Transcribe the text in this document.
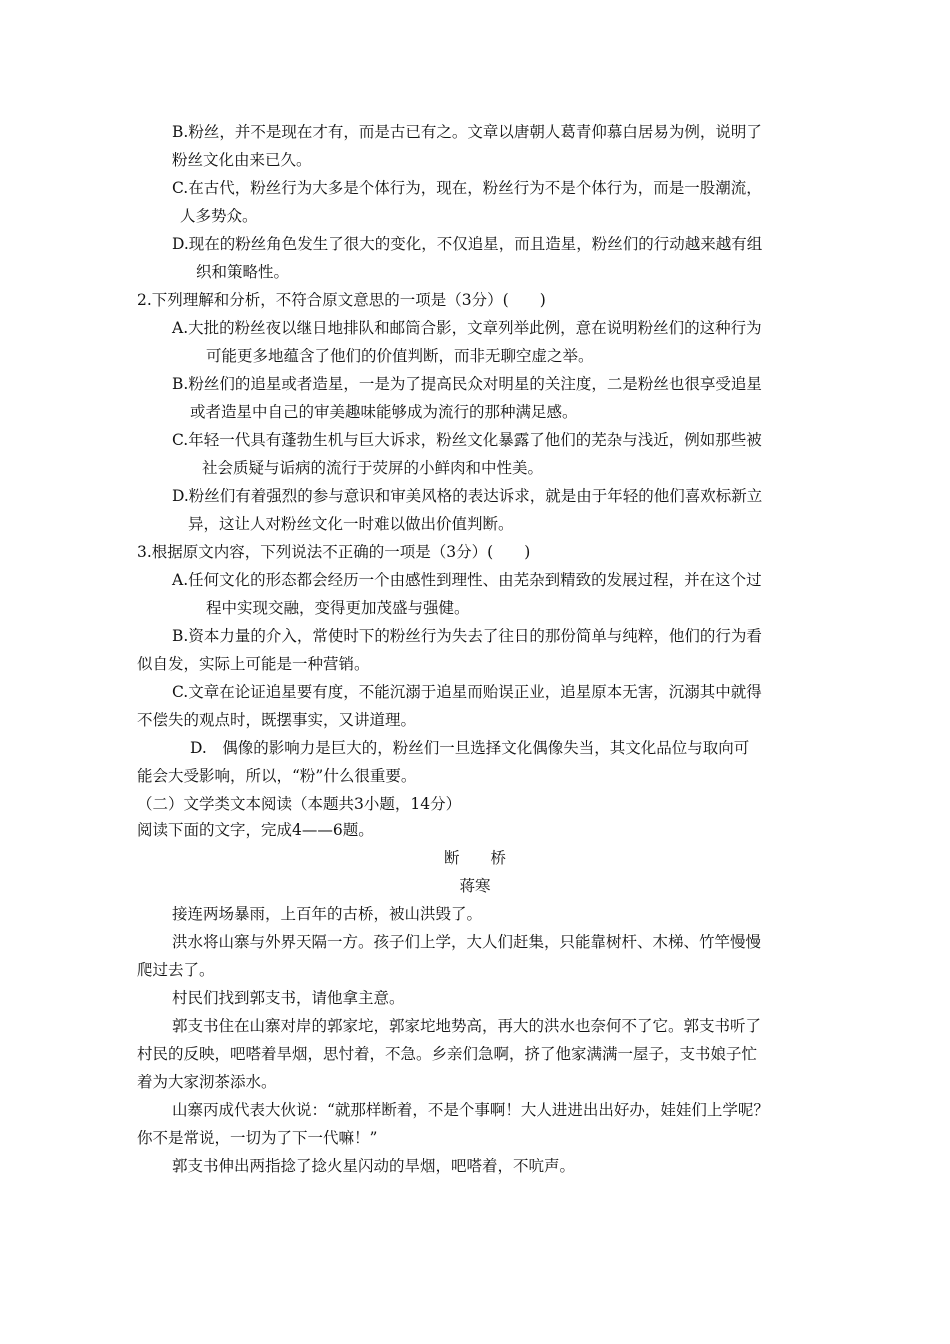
B.粉丝，并不是现在才有，而是古已有之。文章以唐朝人葛青仰慕白居易为例，说明了
粉丝文化由来已久。
C.在古代，粉丝行为大多是个体行为，现在，粉丝行为不是个体行为，而是一股潮流，
人多势众。
D.现在的粉丝角色发生了很大的变化，不仅追星，而且造星，粉丝们的行动越来越有组
织和策略性。
2.下列理解和分析，不符合原文意思的一项是（3分）(　　)
A.大批的粉丝夜以继日地排队和邮筒合影，文章列举此例，意在说明粉丝们的这种行为
可能更多地蕴含了他们的价值判断，而非无聊空虚之举。
B.粉丝们的追星或者造星，一是为了提高民众对明星的关注度，二是粉丝也很享受追星
或者造星中自己的审美趣味能够成为流行的那种满足感。
C.年轻一代具有蓬勃生机与巨大诉求，粉丝文化暴露了他们的芜杂与浅近，例如那些被
社会质疑与诟病的流行于荧屏的小鲜肉和中性美。
D.粉丝们有着强烈的参与意识和审美风格的表达诉求，就是由于年轻的他们喜欢标新立
异，这让人对粉丝文化一时难以做出价值判断。
3.根据原文内容，下列说法不正确的一项是（3分）(　　)
A.任何文化的形态都会经历一个由感性到理性、由芜杂到精致的发展过程，并在这个过
程中实现交融，变得更加茂盛与强健。
B.资本力量的介入，常使时下的粉丝行为失去了往日的那份简单与纯粹，他们的行为看
似自发，实际上可能是一种营销。
C.文章在论证追星要有度，不能沉溺于追星而贻误正业，追星原本无害，沉溺其中就得
不偿失的观点时，既摆事实，又讲道理。
D.　偶像的影响力是巨大的，粉丝们一旦选择文化偶像失当，其文化品位与取向可
能会大受影响，所以，“粉”什么很重要。
（二）文学类文本阅读（本题共3小题，14分）
阅读下面的文字，完成4——6题。
断　　桥
蒋寒
接连两场暴雨，上百年的古桥，被山洪毁了。
洪水将山寨与外界天隔一方。孩子们上学，大人们赶集，只能靠树杆、木梯、竹竿慢慢
爬过去了。
村民们找到郭支书，请他拿主意。
郭支书住在山寨对岸的郭家坨，郭家坨地势高，再大的洪水也奈何不了它。郭支书听了
村民的反映，吧嗒着旱烟，思忖着，不急。乡亲们急啊，挤了他家满满一屋子，支书娘子忙
着为大家沏茶添水。
山寨丙成代表大伙说：“就那样断着，不是个事啊！大人进进出出好办，娃娃们上学呢？
你不是常说，一切为了下一代嘛！”
郭支书伸出两指捻了捻火星闪动的旱烟，吧嗒着，不吭声。
